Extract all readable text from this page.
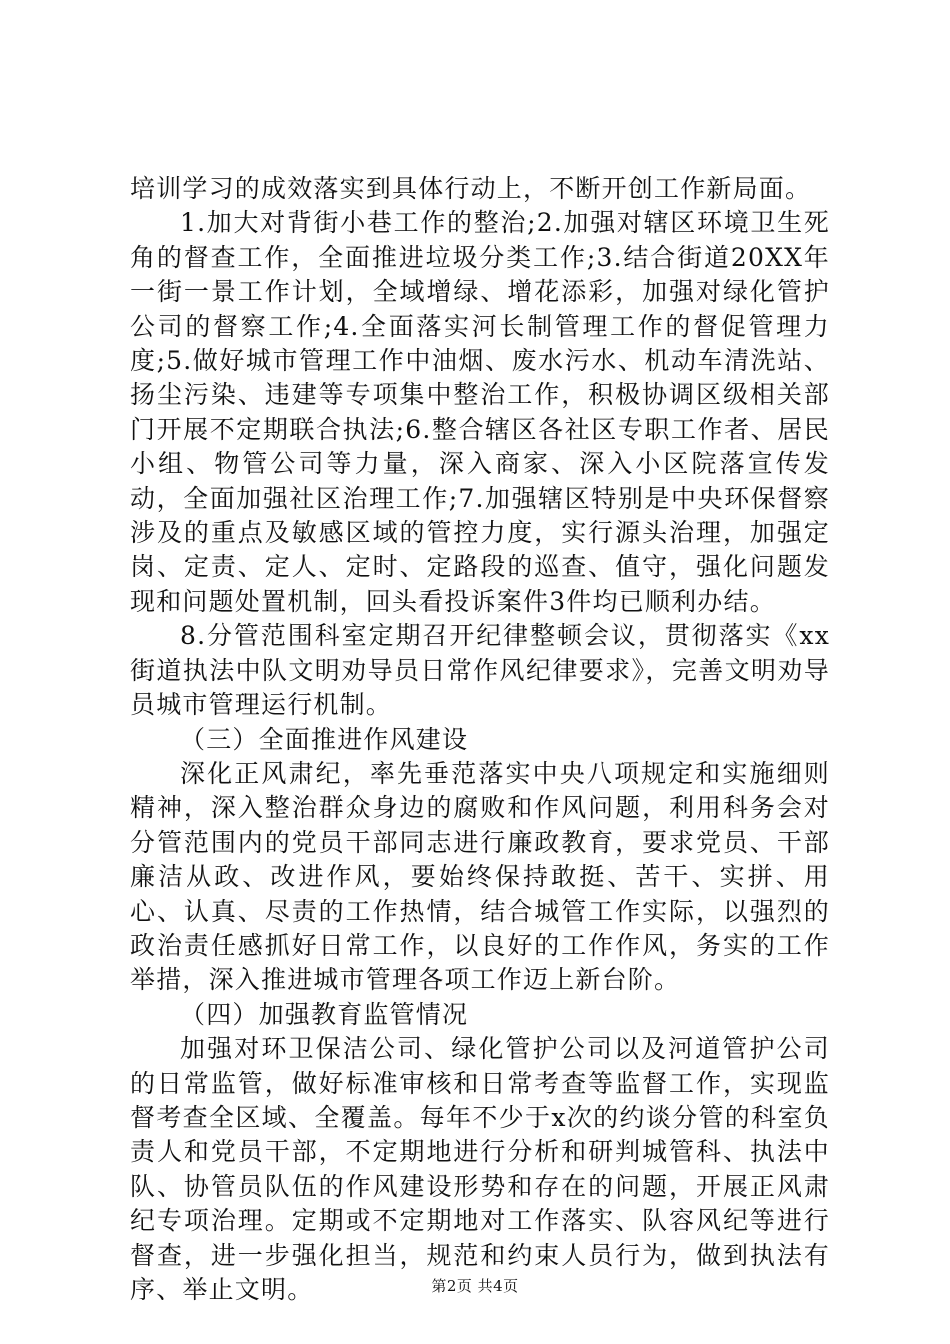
培训学习的成效落实到具体行动上，不断开创工作新局面。

1.加大对背街小巷工作的整治;2.加强对辖区环境卫生死角的督查工作，全面推进垃圾分类工作;3.结合街道20XX年一街一景工作计划，全域增绿、增花添彩，加强对绿化管护公司的督察工作;4.全面落实河长制管理工作的督促管理力度;5.做好城市管理工作中油烟、废水污水、机动车清洗站、扬尘污染、违建等专项集中整治工作，积极协调区级相关部门开展不定期联合执法;6.整合辖区各社区专职工作者、居民小组、物管公司等力量，深入商家、深入小区院落宣传发动，全面加强社区治理工作;7.加强辖区特别是中央环保督察涉及的重点及敏感区域的管控力度，实行源头治理，加强定岗、定责、定人、定时、定路段的巡查、值守，强化问题发现和问题处置机制，回头看投诉案件3件均已顺利办结。

8.分管范围科室定期召开纪律整顿会议，贯彻落实《xx街道执法中队文明劝导员日常作风纪律要求》，完善文明劝导员城市管理运行机制。

（三）全面推进作风建设

深化正风肃纪，率先垂范落实中央八项规定和实施细则精神，深入整治群众身边的腐败和作风问题，利用科务会对分管范围内的党员干部同志进行廉政教育，要求党员、干部廉洁从政、改进作风，要始终保持敢挺、苦干、实拼、用心、认真、尽责的工作热情，结合城管工作实际，以强烈的政治责任感抓好日常工作，以良好的工作作风，务实的工作举措，深入推进城市管理各项工作迈上新台阶。

（四）加强教育监管情况

加强对环卫保洁公司、绿化管护公司以及河道管护公司的日常监管，做好标准审核和日常考查等监督工作，实现监督考查全区域、全覆盖。每年不少于x次的约谈分管的科室负责人和党员干部，不定期地进行分析和研判城管科、执法中队、协管员队伍的作风建设形势和存在的问题，开展正风肃纪专项治理。定期或不定期地对工作落实、队容风纪等进行督查，进一步强化担当，规范和约束人员行为，做到执法有序、举止文明。	第2页 共4页
